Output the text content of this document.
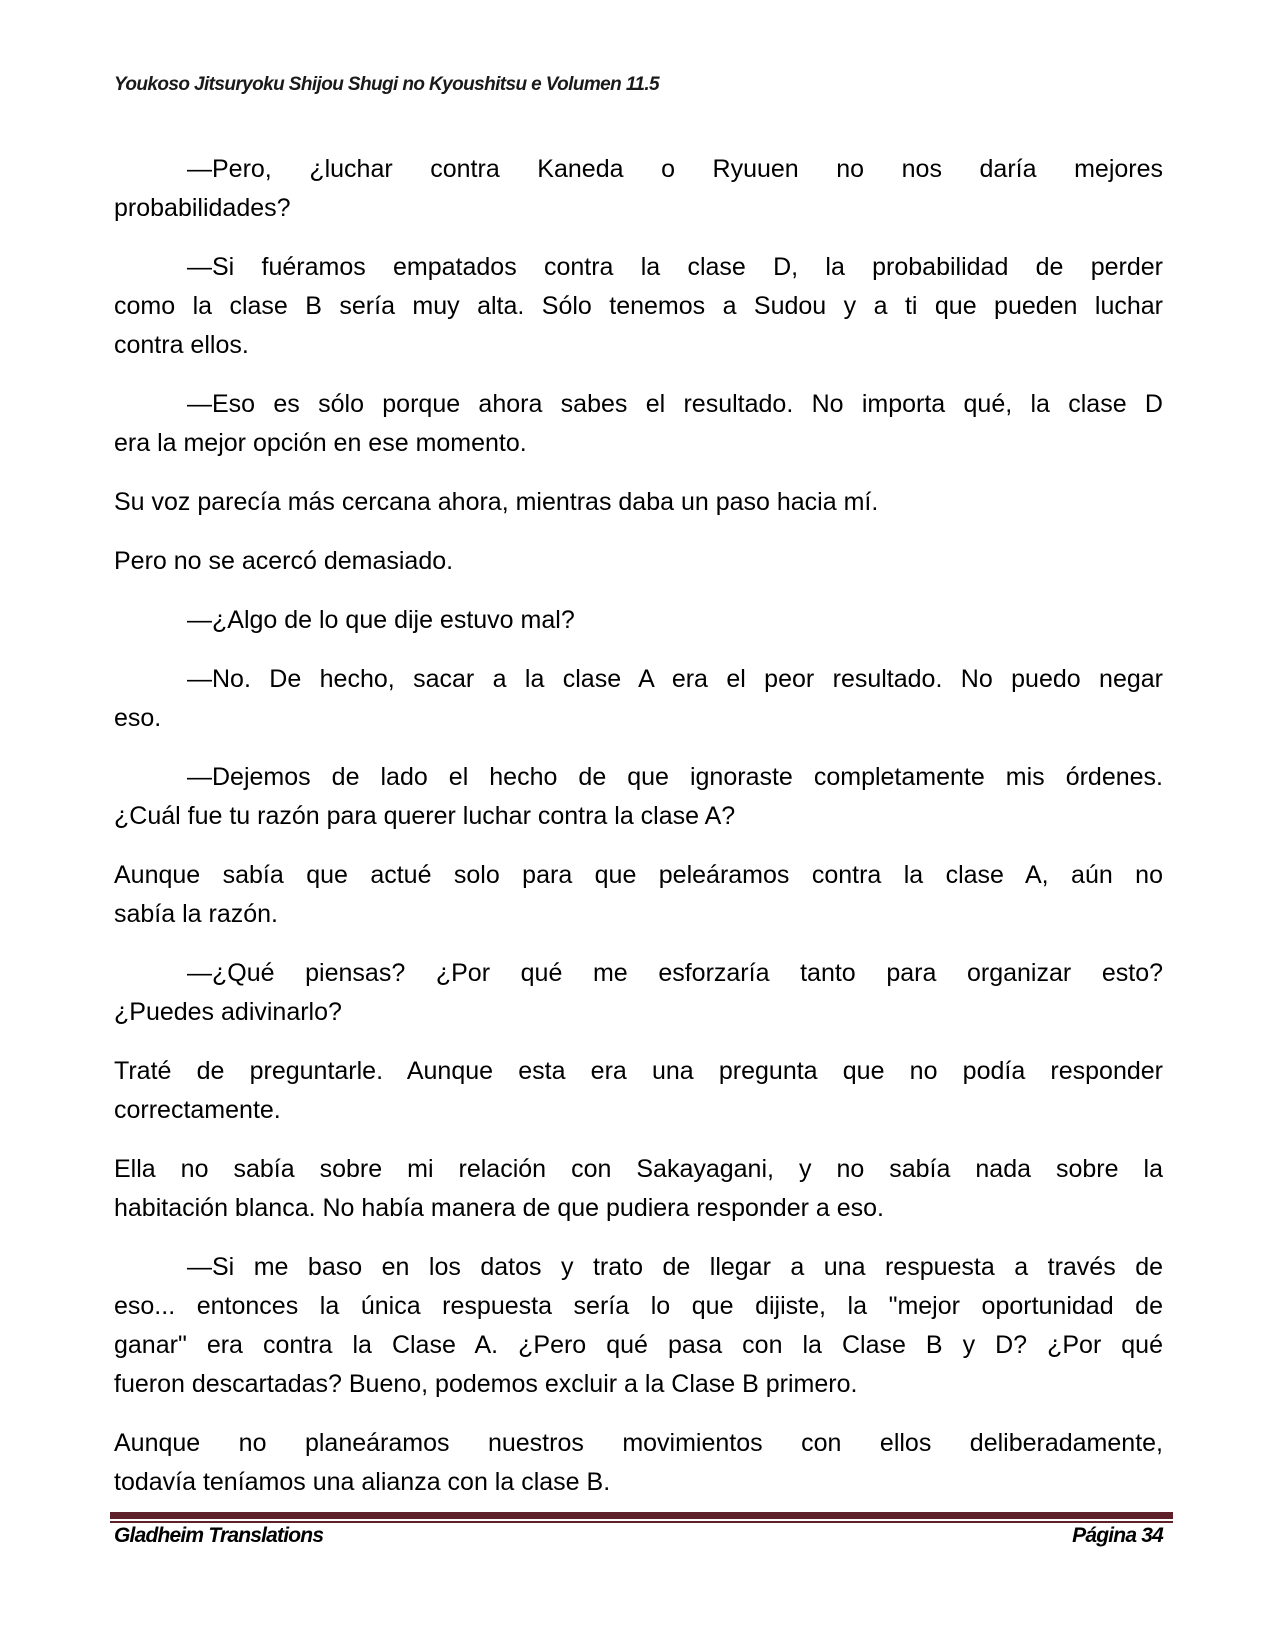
Youkoso Jitsuryoku Shijou Shugi no Kyoushitsu e Volumen 11.5
—Pero, ¿luchar contra Kaneda o Ryuuen no nos daría mejores
probabilidades?
—Si fuéramos empatados contra la clase D, la probabilidad de perder
como la clase B sería muy alta. Sólo tenemos a Sudou y a ti que pueden luchar
contra ellos.
—Eso es sólo porque ahora sabes el resultado. No importa qué, la clase D
era la mejor opción en ese momento.
Su voz parecía más cercana ahora, mientras daba un paso hacia mí.
Pero no se acercó demasiado.
—¿Algo de lo que dije estuvo mal?
—No. De hecho, sacar a la clase A era el peor resultado. No puedo negar
eso.
—Dejemos de lado el hecho de que ignoraste completamente mis órdenes.
¿Cuál fue tu razón para querer luchar contra la clase A?
Aunque sabía que actué solo para que peleáramos contra la clase A, aún no
sabía la razón.
—¿Qué piensas? ¿Por qué me esforzaría tanto para organizar esto?
¿Puedes adivinarlo?
Traté de preguntarle. Aunque esta era una pregunta que no podía responder
correctamente.
Ella no sabía sobre mi relación con Sakayagani, y no sabía nada sobre la
habitación blanca. No había manera de que pudiera responder a eso.
—Si me baso en los datos y trato de llegar a una respuesta a través de
eso... entonces la única respuesta sería lo que dijiste, la "mejor oportunidad de
ganar" era contra la Clase A. ¿Pero qué pasa con la Clase B y D? ¿Por qué
fueron descartadas? Bueno, podemos excluir a la Clase B primero.
Aunque no planeáramos nuestros movimientos con ellos deliberadamente,
todavía teníamos una alianza con la clase B.
Gladheim Translations	Página 34
